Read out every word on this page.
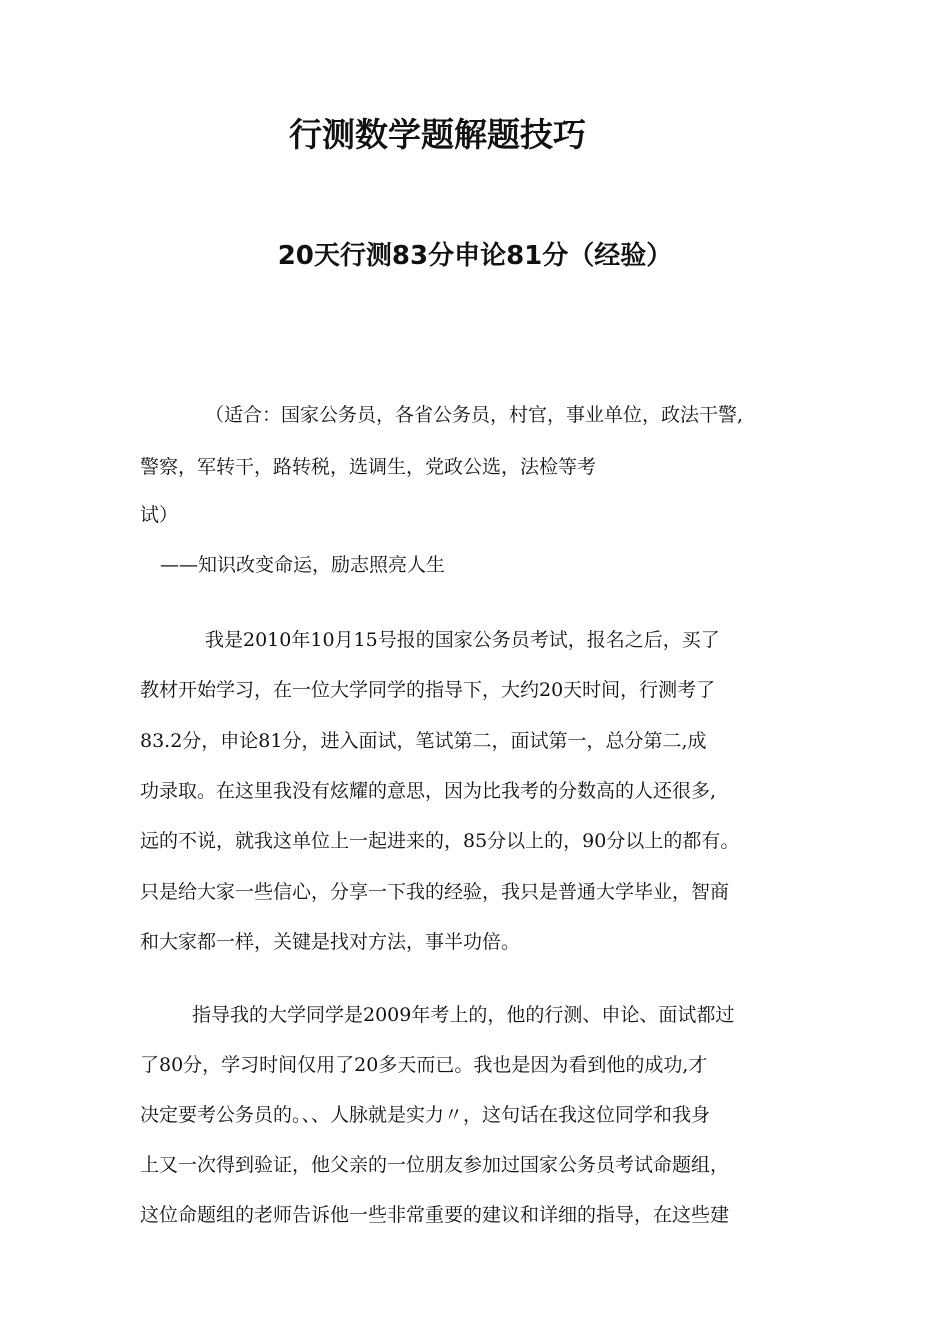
行测数学题解题技巧
20天行测83分申论81分（经验）

（适合：国家公务员，各省公务员，村官，事业单位，政法干警,

警察，军转干，路转税，选调生，党政公选，法检等考

试）

——知识改变命运，励志照亮人生

我是2010年10月15号报的国家公务员考试，报名之后，买了

教材开始学习，在一位大学同学的指导下，大约20天时间，行测考了

83.2分，申论81分，进入面试，笔试第二，面试第一，总分第二,成

功录取。在这里我没有炫耀的意思，因为比我考的分数高的人还很多,

远的不说，就我这单位上一起进来的，85分以上的，90分以上的都有。

只是给大家一些信心，分享一下我的经验，我只是普通大学毕业，智商

和大家都一样，关键是找对方法，事半功倍。

指导我的大学同学是2009年考上的，他的行测、申论、面试都过

了80分，学习时间仅用了20多天而已。我也是因为看到他的成功,才

决定要考公务员的。、、人脉就是实力〃，这句话在我这位同学和我身

上又一次得到验证，他父亲的一位朋友参加过国家公务员考试命题组，

这位命题组的老师告诉他一些非常重要的建议和详细的指导，在这些建
